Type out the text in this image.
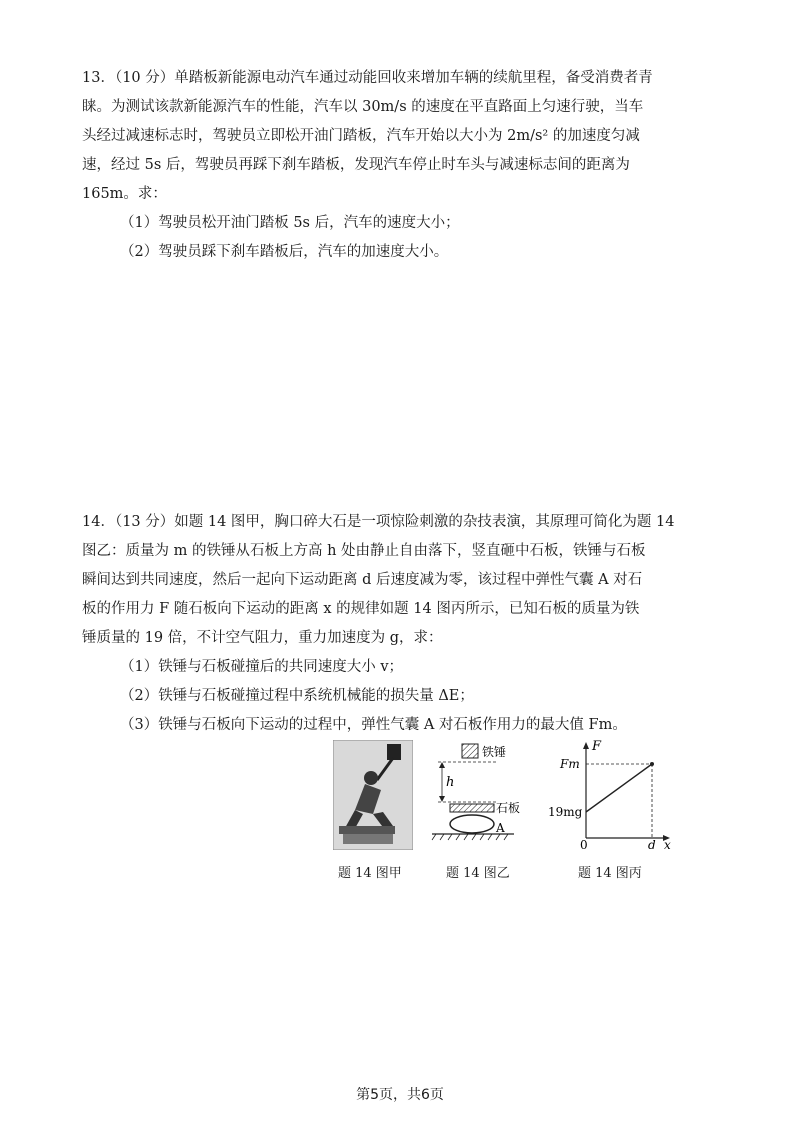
13．（10 分）单踏板新能源电动汽车通过动能回收来增加车辆的续航里程，备受消费者青

睐。为测试该款新能源汽车的性能，汽车以 30m/s 的速度在平直路面上匀速行驶，当车

头经过减速标志时，驾驶员立即松开油门踏板，汽车开始以大小为 2m/s² 的加速度匀减

速，经过 5s 后，驾驶员再踩下刹车踏板，发现汽车停止时车头与减速标志间的距离为

165m。求：

（1）驾驶员松开油门踏板 5s 后，汽车的速度大小；

（2）驾驶员踩下刹车踏板后，汽车的加速度大小。

14．（13 分）如题 14 图甲，胸口碎大石是一项惊险刺激的杂技表演，其原理可简化为题 14

图乙：质量为 m 的铁锤从石板上方高 h 处由静止自由落下，竖直砸中石板，铁锤与石板

瞬间达到共同速度，然后一起向下运动距离 d 后速度减为零，该过程中弹性气囊 A 对石

板的作用力 F 随石板向下运动的距离 x 的规律如题 14 图丙所示，已知石板的质量为铁

锤质量的 19 倍，不计空气阻力，重力加速度为 g，求：

（1）铁锤与石板碰撞后的共同速度大小 v；

（2）铁锤与石板碰撞过程中系统机械能的损失量 ΔE；

（3）铁锤与石板向下运动的过程中，弹性气囊 A 对石板作用力的最大值 Fm。

铁锤
h
石板
A
F
Fm
19mg
0	d x
题 14 图甲	题 14 图乙	题 14 图丙
第5页，共6页
